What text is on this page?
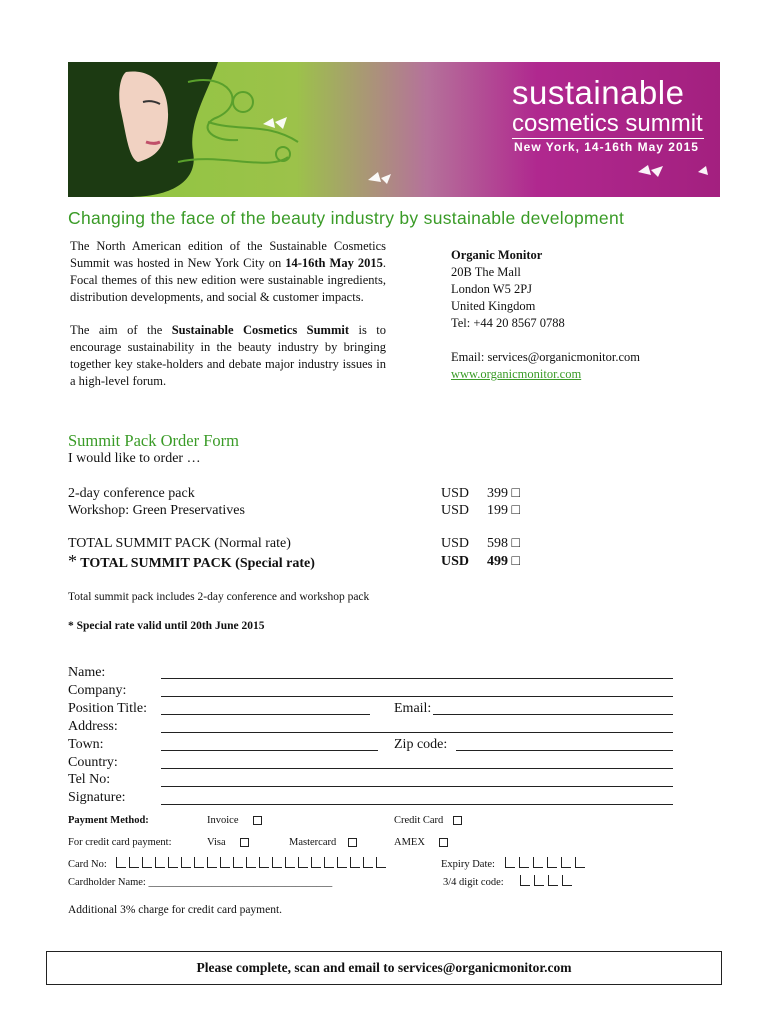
sustainable
cosmetics summit
New York, 14-16th May 2015
Changing the face of the beauty industry by sustainable development

The North American edition of the Sustainable Cosmetics Summit was hosted in New York City on 14-16th May 2015. Focal themes of this new edition were sustainable ingredients, distribution developments, and social & customer impacts.

The aim of the Sustainable Cosmetics Summit is to encourage sustainability in the beauty industry by bringing together key stake-holders and debate major industry issues in a high-level forum.

Organic Monitor
20B The Mall
London W5 2PJ
United Kingdom
Tel: +44 20 8567 0788
Email: services@organicmonitor.com
www.organicmonitor.com
Summit Pack Order Form
I would like to order …
2-day conference pack	USD 399 □
Workshop: Green Preservatives	USD 199 □
TOTAL SUMMIT PACK (Normal rate)	USD 598 □
* TOTAL SUMMIT PACK (Special rate)	USD 499 □
Total summit pack includes 2-day conference and workshop pack
* Special rate valid until 20th June 2015
Name:
Company:
Position Title:	Email:
Address:
Town:	Zip code:
Country:
Tel No:
Signature:
Payment Method:	Invoice	Credit Card
For credit card payment:	Visa	Mastercard	AMEX
Card No:	Expiry Date:
Cardholder Name: ___________________________________	3/4 digit code:
Additional 3% charge for credit card payment.
Please complete, scan and email to services@organicmonitor.com
